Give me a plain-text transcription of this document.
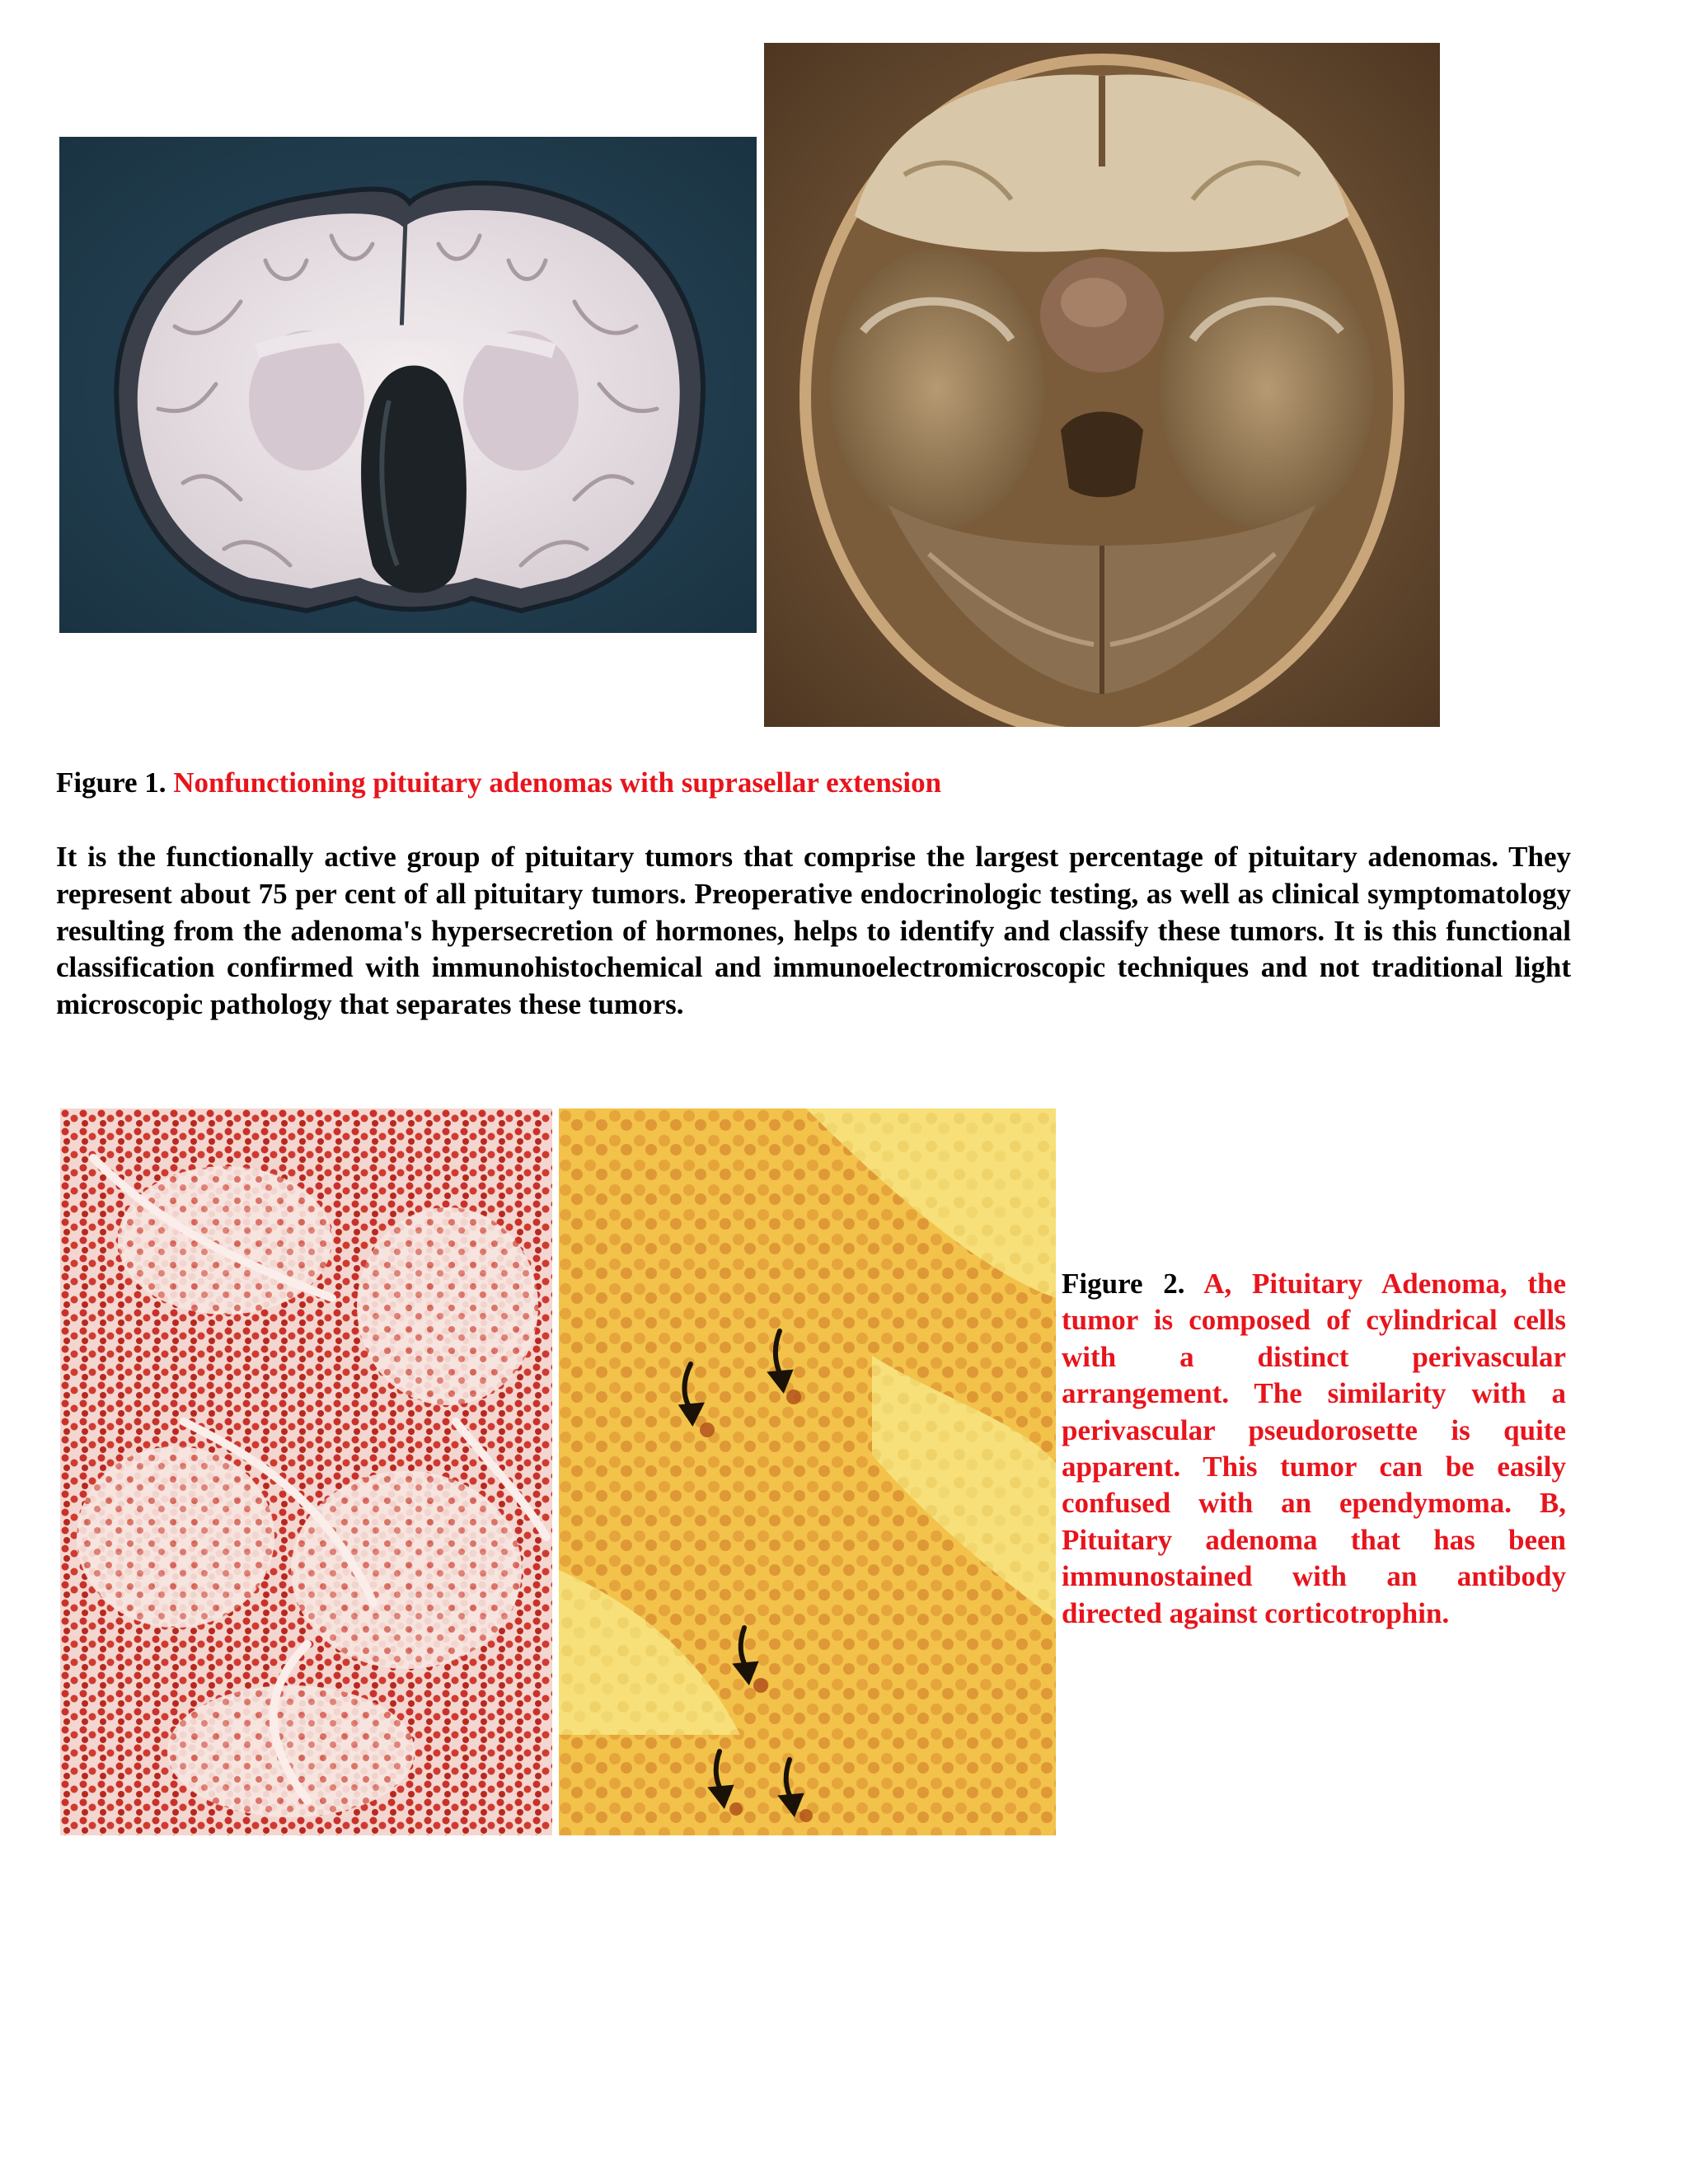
Figure 1. Nonfunctioning pituitary adenomas with suprasellar extension

It is the functionally active group of pituitary tumors that comprise the largest percentage of pituitary adenomas. They represent about 75 per cent of all pituitary tumors. Preoperative endocrinologic testing, as well as clinical symptomatology resulting from the adenoma's hypersecretion of hormones, helps to identify and classify these tumors. It is this functional classification confirmed with immunohistochemical and immunoelectromicroscopic techniques and not traditional light microscopic pathology that separates these tumors.

Figure 2. A, Pituitary Adenoma, the tumor is composed of cylindrical cells with a distinct perivascular arrangement. The similarity with a perivascular pseudorosette is quite apparent. This tumor can be easily confused with an ependymoma. B, Pituitary adenoma that has been immunostained with an antibody directed against corticotrophin.
